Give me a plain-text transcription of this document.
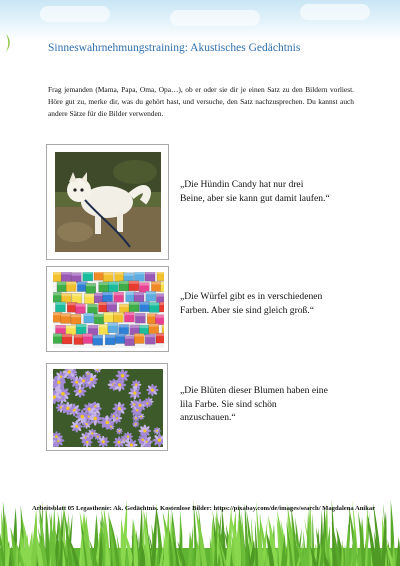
Sinneswahrnehmungstraining: Akustisches Gedächtnis

Frag jemanden (Mama, Papa, Oma, Opa…), ob er oder sie dir je einen Satz zu den Bildern vorliest. Höre gut zu, merke dir, was du gehört hast, und versuche, den Satz nachzusprechen. Du kannst auch andere Sätze für die Bilder verwenden.

„Die Hündin Candy hat nur drei Beine, aber sie kann gut damit laufen.“
„Die Würfel gibt es in verschiedenen Farben. Aber sie sind gleich groß.“
„Die Blüten dieser Blumen haben eine lila Farbe. Sie sind schön anzuschauen.“
Arbeitsblatt 05 Legasthenie: Ak. Gedächtnis. Kostenlose Bilder: https://pixabay.com/de/images/search/ Magdalena Anikar
